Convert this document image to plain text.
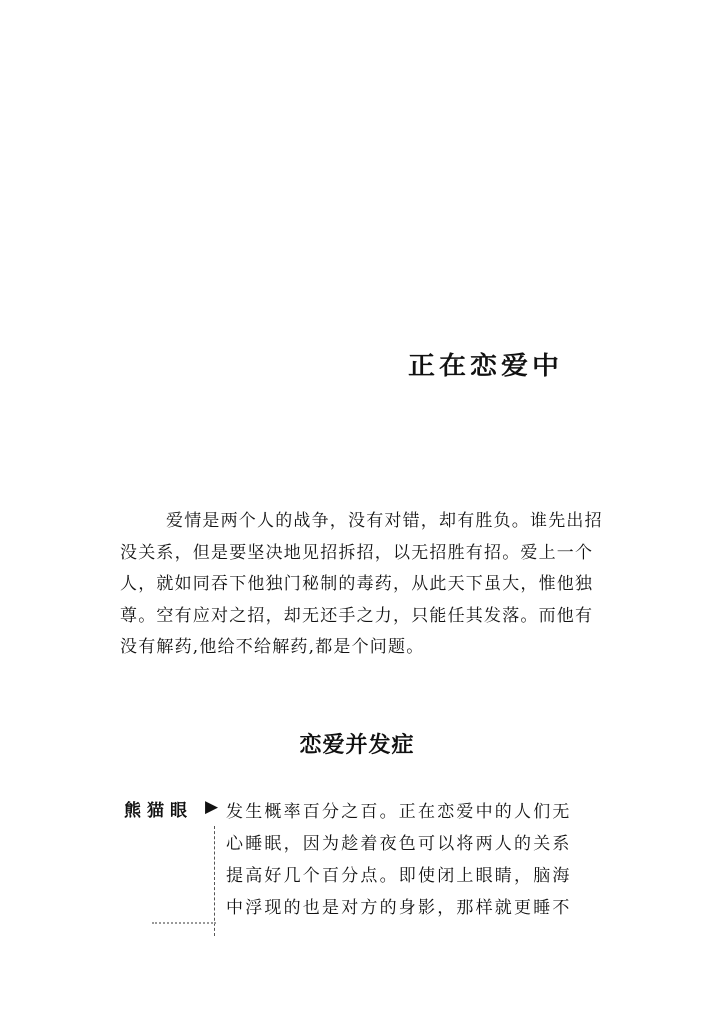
正在恋爱中

爱情是两个人的战争，没有对错，却有胜负。谁先出招
没关系，但是要坚决地见招拆招，以无招胜有招。爱上一个
人，就如同吞下他独门秘制的毒药，从此天下虽大，惟他独
尊。空有应对之招，却无还手之力，只能任其发落。而他有
没有解药,他给不给解药,都是个问题。

恋爱并发症
熊猫眼 ▶ 发生概率百分之百。正在恋爱中的人们无
心睡眠，因为趁着夜色可以将两人的关系
提高好几个百分点。即使闭上眼睛，脑海
中浮现的也是对方的身影，那样就更睡不
